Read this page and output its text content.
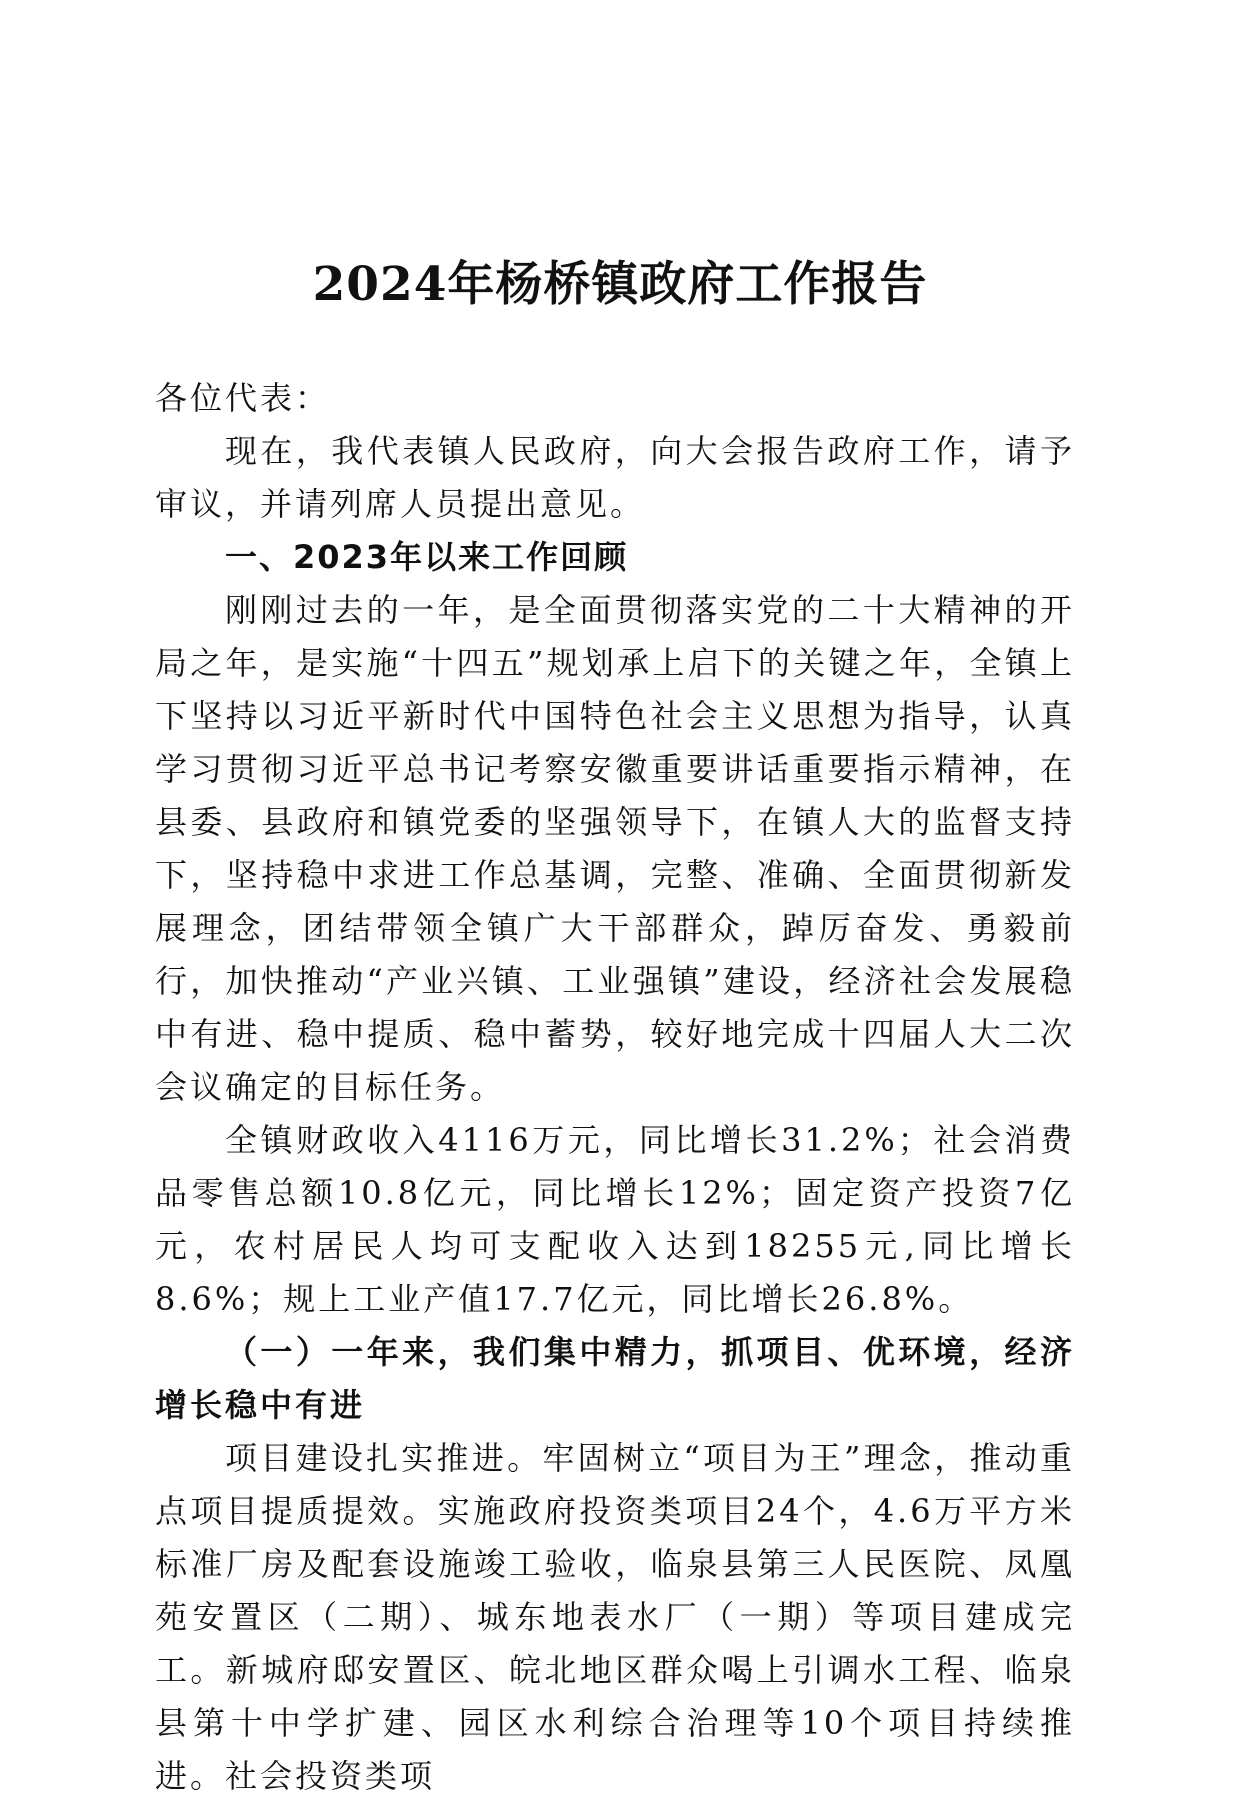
2024年杨桥镇政府工作报告

各位代表：

现在，我代表镇人民政府，向大会报告政府工作，请予审议，并请列席人员提出意见。

一、2023年以来工作回顾

刚刚过去的一年，是全面贯彻落实党的二十大精神的开局之年，是实施“十四五”规划承上启下的关键之年，全镇上下坚持以习近平新时代中国特色社会主义思想为指导，认真学习贯彻习近平总书记考察安徽重要讲话重要指示精神，在县委、县政府和镇党委的坚强领导下，在镇人大的监督支持下，坚持稳中求进工作总基调，完整、准确、全面贯彻新发展理念，团结带领全镇广大干部群众，踔厉奋发、勇毅前行，加快推动“产业兴镇、工业强镇”建设，经济社会发展稳中有进、稳中提质、稳中蓄势，较好地完成十四届人大二次会议确定的目标任务。

全镇财政收入4116万元，同比增长31.2%；社会消费品零售总额10.8亿元，同比增长12%；固定资产投资7亿元，农村居民人均可支配收入达到18255元,同比增长8.6%；规上工业产值17.7亿元，同比增长26.8%。

（一）一年来，我们集中精力，抓项目、优环境，经济增长稳中有进

项目建设扎实推进。牢固树立“项目为王”理念，推动重点项目提质提效。实施政府投资类项目24个，4.6万平方米标准厂房及配套设施竣工验收，临泉县第三人民医院、凤凰苑安置区（二期）、城东地表水厂（一期）等项目建成完工。新城府邸安置区、皖北地区群众喝上引调水工程、临泉县第十中学扩建、园区水利综合治理等10个项目持续推进。社会投资类项
